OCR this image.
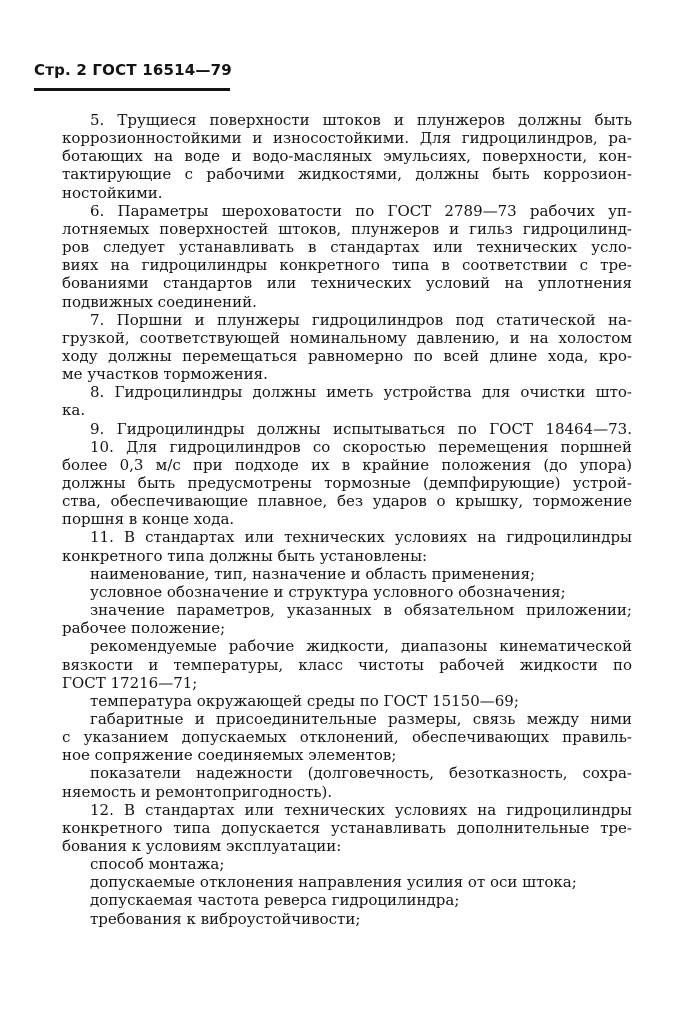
Стр. 2 ГОСТ 16514—79
5. Трущиеся поверхности штоков и плунжеров должны быть
коррозионностойкими и износостойкими. Для гидроцилиндров, ра-
ботающих на воде и водо-масляных эмульсиях, поверхности, кон-
тактирующие с рабочими жидкостями, должны быть коррозион-
ностойкими.
6. Параметры шероховатости по ГОСТ 2789—73 рабочих уп-
лотняемых поверхностей штоков, плунжеров и гильз гидроцилинд-
ров следует устанавливать в стандартах или технических усло-
виях на гидроцилиндры конкретного типа в соответствии с тре-
бованиями стандартов или технических условий на уплотнения
подвижных соединений.
7. Поршни и плунжеры гидроцилиндров под статической на-
грузкой, соответствующей номинальному давлению, и на холостом
ходу должны перемещаться равномерно по всей длине хода, кро-
ме участков торможения.
8. Гидроцилиндры должны иметь устройства для очистки што-
ка.
9. Гидроцилиндры должны испытываться по ГОСТ 18464—73.
10. Для гидроцилиндров со скоростью перемещения поршней
более 0,3 м/с при подходе их в крайние положения (до упора)
должны быть предусмотрены тормозные (демпфирующие) устрой-
ства, обеспечивающие плавное, без ударов о крышку, торможение
поршня в конце хода.
11. В стандартах или технических условиях на гидроцилиндры
конкретного типа должны быть установлены:
наименование, тип, назначение и область применения;
условное обозначение и структура условного обозначения;
значение параметров, указанных в обязательном приложении;
рабочее положение;
рекомендуемые рабочие жидкости, диапазоны кинематической
вязкости и температуры, класс чистоты рабочей жидкости по
ГОСТ 17216—71;
температура окружающей среды по ГОСТ 15150—69;
габаритные и присоединительные размеры, связь между ними
с указанием допускаемых отклонений, обеспечивающих правиль-
ное сопряжение соединяемых элементов;
показатели надежности (долговечность, безотказность, сохра-
няемость и ремонтопригодность).
12. В стандартах или технических условиях на гидроцилиндры
конкретного типа допускается устанавливать дополнительные тре-
бования к условиям эксплуатации:
способ монтажа;
допускаемые отклонения направления усилия от оси штока;
допускаемая частота реверса гидроцилиндра;
требования к виброустойчивости;
